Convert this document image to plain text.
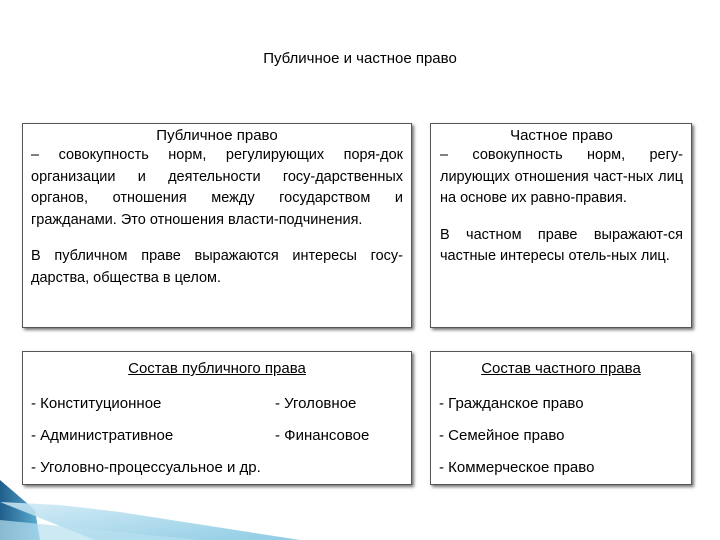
Публичное и частное право

Публичное право

– совокупность норм, регулирующих поря-док организации и деятельности госу-дарственных органов, отношения между государством и гражданами. Это отношения власти-подчинения.

В публичном праве выражаются интересы госу-дарства, общества в целом.

Частное право

– совокупность норм, регу-лирующих отношения част-ных лиц на основе их равно-правия.

В частном праве выражают-ся частные интересы отель-ных лиц.

Состав публичного права
- Конституционное	- Уголовное
- Административное	- Финансовое
- Уголовно-процессуальное и др.
Состав частного права
- Гражданское право
- Семейное право
- Коммерческое право
